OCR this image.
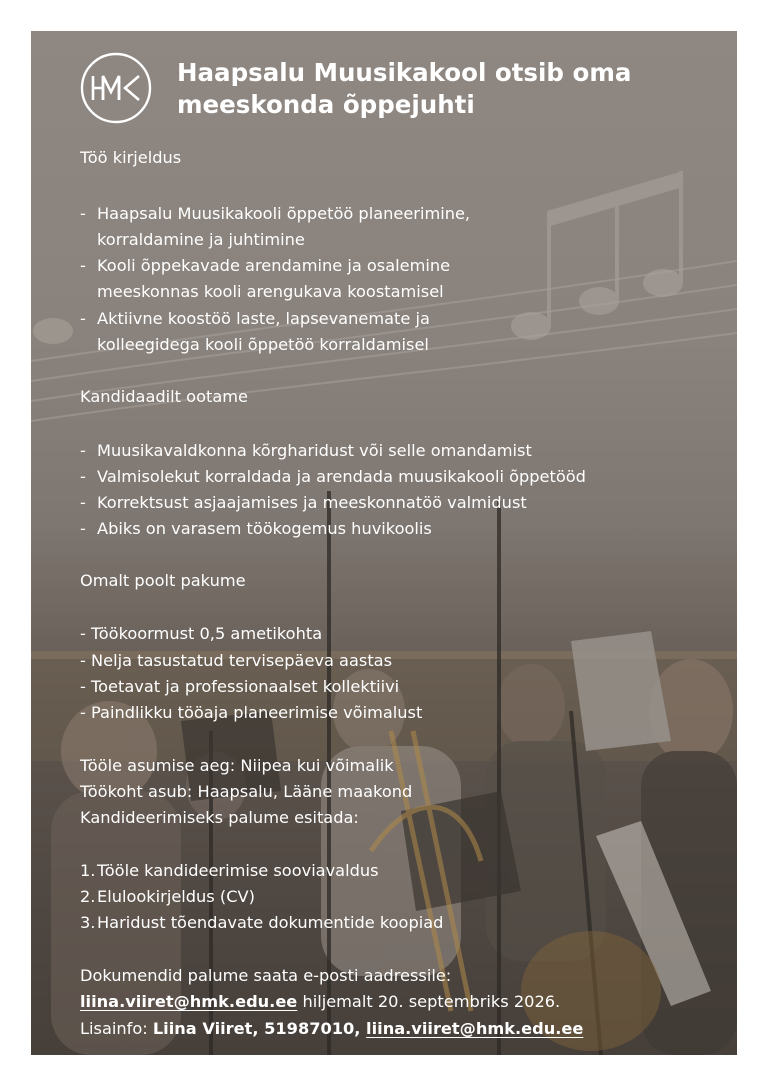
Haapsalu Muusikakool otsib oma
meeskonda õppejuhti
Töö kirjeldus
- Haapsalu Muusikakooli õppetöö planeerimine,
korraldamine ja juhtimine
- Kooli õppekavade arendamine ja osalemine
meeskonnas kooli arengukava koostamisel
- Aktiivne koostöö laste, lapsevanemate ja
kolleegidega kooli õppetöö korraldamisel
Kandidaadilt ootame
- Muusikavaldkonna kõrgharidust või selle omandamist
- Valmisolekut korraldada ja arendada muusikakooli õppetööd
- Korrektsust asjaajamises ja meeskonnatöö valmidust
- Abiks on varasem töökogemus huvikoolis
Omalt poolt pakume
- Töökoormust 0,5 ametikohta
- Nelja tasustatud tervisepäeva aastas
- Toetavat ja professionaalset kollektiivi
- Paindlikku tööaja planeerimise võimalust
Tööle asumise aeg: Niipea kui võimalik
Töökoht asub: Haapsalu, Lääne maakond
Kandideerimiseks palume esitada:
1.Tööle kandideerimise sooviavaldus
2.Elulookirjeldus (CV)
3.Haridust tõendavate dokumentide koopiad
Dokumendid palume saata e-posti aadressile:
liina.viiret@hmk.edu.ee hiljemalt 20. septembriks 2026.
Lisainfo: Liina Viiret, 51987010, liina.viiret@hmk.edu.ee
